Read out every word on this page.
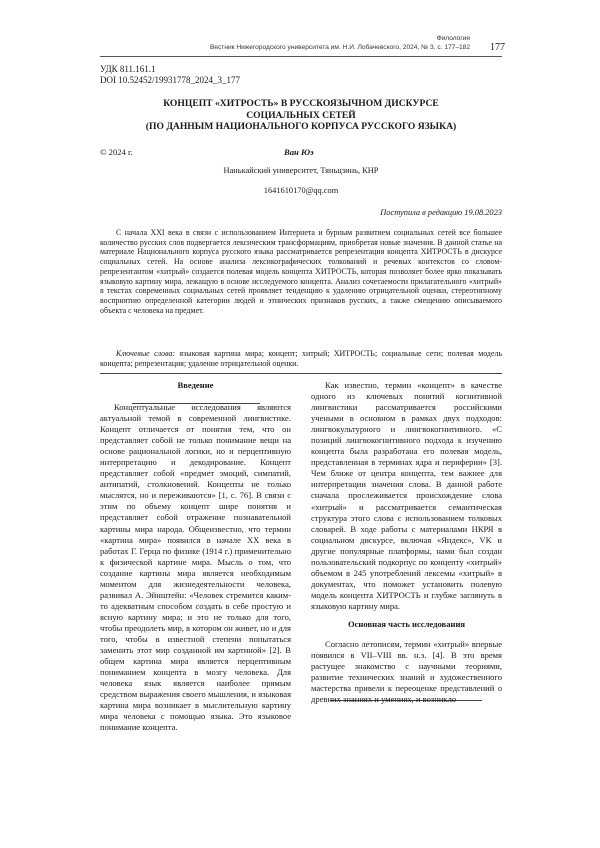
Филология
Вестник Нижегородского университета им. Н.И. Лобачевского, 2024, № 3, с. 177–182 177
УДК 811.161.1
DOI 10.52452/19931778_2024_3_177
КОНЦЕПТ «ХИТРОСТЬ» В РУССКОЯЗЫЧНОМ ДИСКУРСЕ
СОЦИАЛЬНЫХ СЕТЕЙ
(ПО ДАННЫМ НАЦИОНАЛЬНОГО КОРПУСА РУССКОГО ЯЗЫКА)
© 2024 г.	Ван Юэ
Нанькайский университет, Тяньцзинь, КНР
1641610170@qq.com
Поступила в редакцию 19.08.2023

С начала XXI века в связи с использованием Интернета и бурным развитием социальных сетей все большее количество русских слов подвергается лексическим трансформациям, приобретая новые значения. В данной статье на материале Национального корпуса русского языка рассматривается репрезентация концепта ХИТРОСТЬ в дискурсе социальных сетей. На основе анализа лексикографических толкований и речевых контекстов со словом-репрезентантом «хитрый» создается полевая модель концепта ХИТРОСТЬ, которая позволяет более ярко показывать языковую картину мира, лежащую в основе исследуемого концепта. Анализ сочетаемости прилагательного «хитрый» в текстах современных социальных сетей проявляет тенденцию к удалению отрицательной оценки, стереотипному восприятию определенной категории людей и этнических признаков русских, а также смещению описываемого объекта с человека на предмет.

Ключевые слова: языковая картина мира; концепт; хитрый; ХИТРОСТЬ; социальные сети; полевая модель концепта; репрезентация; удаление отрицательной оценки.

Введение

Концептуальные исследования являются актуальной темой в современной лингвистике. Концепт отличается от понятия тем, что он представляет собой не только понимание вещи на основе рациональной логики, но и перцептивную интерпретацию и декодирование. Концепт представляет собой «предмет эмоций, симпатий, антипатий, столкновений. Концепты не только мыслятся, но и переживаются» [1, с. 76]. В связи с этим по объему концепт шире понятия и представляет собой отражение познавательной картины мира народа. Общеизвестно, что термин «картина мира» появился в начале XX века в работах Г. Герца по физике (1914 г.) применительно к физической картине мира. Мысль о том, что создание картины мира является необходимым моментом для жизнедеятельности человека, развивал А. Эйнштейн: «Человек стремится каким-то адекватным способом создать в себе простую и ясную картину мира; и это не только для того, чтобы преодолеть мир, в котором он живет, но и для того, чтобы в известной степени попытаться заменить этот мир созданной им картиной» [2]. В общем картина мира является перцептивным пониманием концепта в мозгу человека. Для человека язык является наиболее прямым средством выражения своего мышления, и языковая картина мира возникает в мыслительную картину мира человека с помощью языка. Это языковое понимание концепта.

Как известно, термин «концепт» в качестве одного из ключевых понятий когнитивной лингвистики рассматривается российскими учеными в основном в рамках двух подходов: лингвокультурного и лингвокогнитивного. «С позиций лингвокогнитивного подхода к изучению концепта была разработана его полевая модель, представленная в терминах ядра и периферии» [3]. Чем ближе от центра концепта, тем важнее для интерпретации значения слова. В данной работе сначала прослеживается происхождение слова «хитрый» и рассматривается семантическая структура этого слова с использованием толковых словарей. В ходе работы с материалами НКРЯ в социальном дискурсе, включая «Яндекс», VK и другие популярные платформы, нами был создан пользовательский подкорпус по концепту «хитрый» объемом в 245 употреблений лексемы «хитрый» в документах, что поможет установить полевую модель концепта ХИТРОСТЬ и глубже заглянуть в языковую картину мира.

Основная часть исследования

Согласно летописям, термин «хитрый» впервые появился в VII–VIII вв. н.э. [4]. В это время растущее знакомство с научными теориями, развитие технических знаний и художественного мастерства привели к переоценке представлений о древних знаниях и умениях, и возникло
